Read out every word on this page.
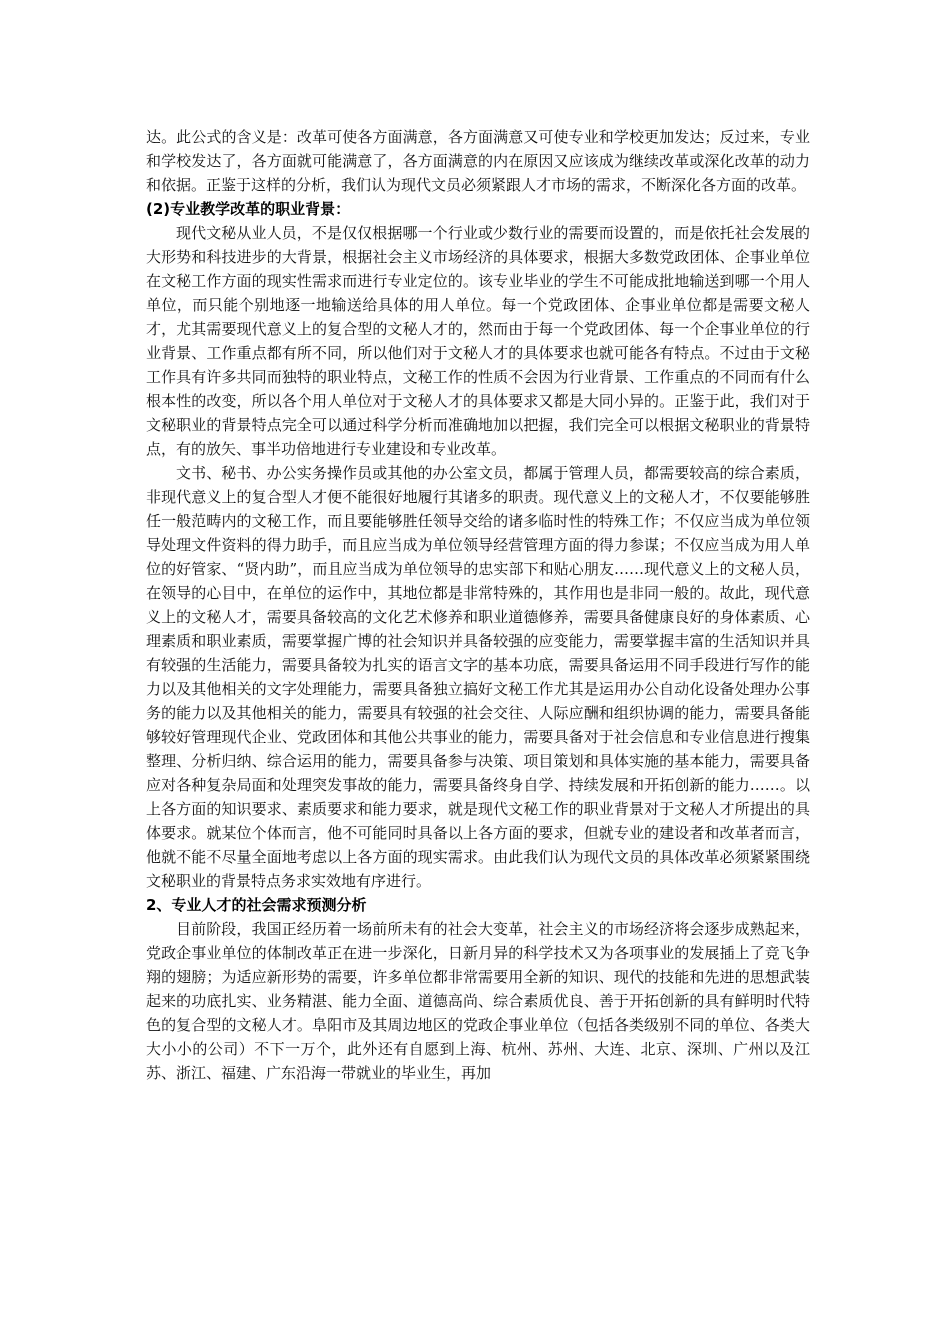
达。此公式的含义是：改革可使各方面满意，各方面满意又可使专业和学校更加发达；反过来，专业和学校发达了，各方面就可能满意了，各方面满意的内在原因又应该成为继续改革或深化改革的动力和依据。正鉴于这样的分析，我们认为现代文员必须紧跟人才市场的需求，不断深化各方面的改革。

(2)专业教学改革的职业背景：

现代文秘从业人员，不是仅仅根据哪一个行业或少数行业的需要而设置的，而是依托社会发展的大形势和科技进步的大背景，根据社会主义市场经济的具体要求，根据大多数党政团体、企事业单位在文秘工作方面的现实性需求而进行专业定位的。该专业毕业的学生不可能成批地输送到哪一个用人单位，而只能个别地逐一地输送给具体的用人单位。每一个党政团体、企事业单位都是需要文秘人才，尤其需要现代意义上的复合型的文秘人才的，然而由于每一个党政团体、每一个企事业单位的行业背景、工作重点都有所不同，所以他们对于文秘人才的具体要求也就可能各有特点。不过由于文秘工作具有许多共同而独特的职业特点，文秘工作的性质不会因为行业背景、工作重点的不同而有什么根本性的改变，所以各个用人单位对于文秘人才的具体要求又都是大同小异的。正鉴于此，我们对于文秘职业的背景特点完全可以通过科学分析而准确地加以把握，我们完全可以根据文秘职业的背景特点，有的放矢、事半功倍地进行专业建设和专业改革。

文书、秘书、办公实务操作员或其他的办公室文员，都属于管理人员，都需要较高的综合素质，非现代意义上的复合型人才便不能很好地履行其诸多的职责。现代意义上的文秘人才，不仅要能够胜任一般范畴内的文秘工作，而且要能够胜任领导交给的诸多临时性的特殊工作；不仅应当成为单位领导处理文件资料的得力助手，而且应当成为单位领导经营管理方面的得力参谋；不仅应当成为用人单位的好管家、“贤内助”，而且应当成为单位领导的忠实部下和贴心朋友……现代意义上的文秘人员，在领导的心目中，在单位的运作中，其地位都是非常特殊的，其作用也是非同一般的。故此，现代意义上的文秘人才，需要具备较高的文化艺术修养和职业道德修养，需要具备健康良好的身体素质、心理素质和职业素质，需要掌握广博的社会知识并具备较强的应变能力，需要掌握丰富的生活知识并具有较强的生活能力，需要具备较为扎实的语言文字的基本功底，需要具备运用不同手段进行写作的能力以及其他相关的文字处理能力，需要具备独立搞好文秘工作尤其是运用办公自动化设备处理办公事务的能力以及其他相关的能力，需要具有较强的社会交往、人际应酬和组织协调的能力，需要具备能够较好管理现代企业、党政团体和其他公共事业的能力，需要具备对于社会信息和专业信息进行搜集整理、分析归纳、综合运用的能力，需要具备参与决策、项目策划和具体实施的基本能力，需要具备应对各种复杂局面和处理突发事故的能力，需要具备终身自学、持续发展和开拓创新的能力……。以上各方面的知识要求、素质要求和能力要求，就是现代文秘工作的职业背景对于文秘人才所提出的具体要求。就某位个体而言，他不可能同时具备以上各方面的要求，但就专业的建设者和改革者而言，他就不能不尽量全面地考虑以上各方面的现实需求。由此我们认为现代文员的具体改革必须紧紧围绕文秘职业的背景特点务求实效地有序进行。

2、专业人才的社会需求预测分析

目前阶段，我国正经历着一场前所未有的社会大变革，社会主义的市场经济将会逐步成熟起来，党政企事业单位的体制改革正在进一步深化，日新月异的科学技术又为各项事业的发展插上了竞飞争翔的翅膀；为适应新形势的需要，许多单位都非常需要用全新的知识、现代的技能和先进的思想武装起来的功底扎实、业务精湛、能力全面、道德高尚、综合素质优良、善于开拓创新的具有鲜明时代特色的复合型的文秘人才。阜阳市及其周边地区的党政企事业单位（包括各类级别不同的单位、各类大大小小的公司）不下一万个，此外还有自愿到上海、杭州、苏州、大连、北京、深圳、广州以及江苏、浙江、福建、广东沿海一带就业的毕业生，再加
